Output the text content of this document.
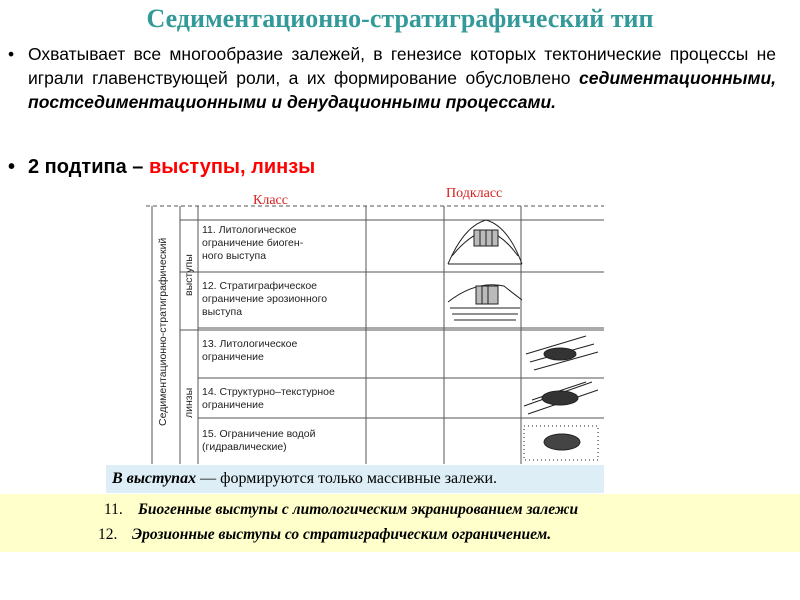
Седиментационно-стратиграфический тип
• Охватывает все многообразие залежей, в генезисе которых тектонические процессы не играли главенствующей роли, а их формирование обусловлено седиментационными, постседиментационными и денудационными процессами.
• 2 подтипа – выступы, линзы
Седиментационно-стратиграфический выступы
линзы
11. Литологическое
ограничение биоген-
ного выступа
12. Стратиграфическое
ограничение эрозионного
выступа
13. Литологическое
ограничение
14. Структурно–текстурное
ограничение
15. Ограничение водой
(гидравлические)
Класс	Подкласс
В выступах — формируются только массивные залежи.
11. Биогенные выступы с литологическим экранированием залежи
12. Эрозионные выступы со стратиграфическим ограничением.
